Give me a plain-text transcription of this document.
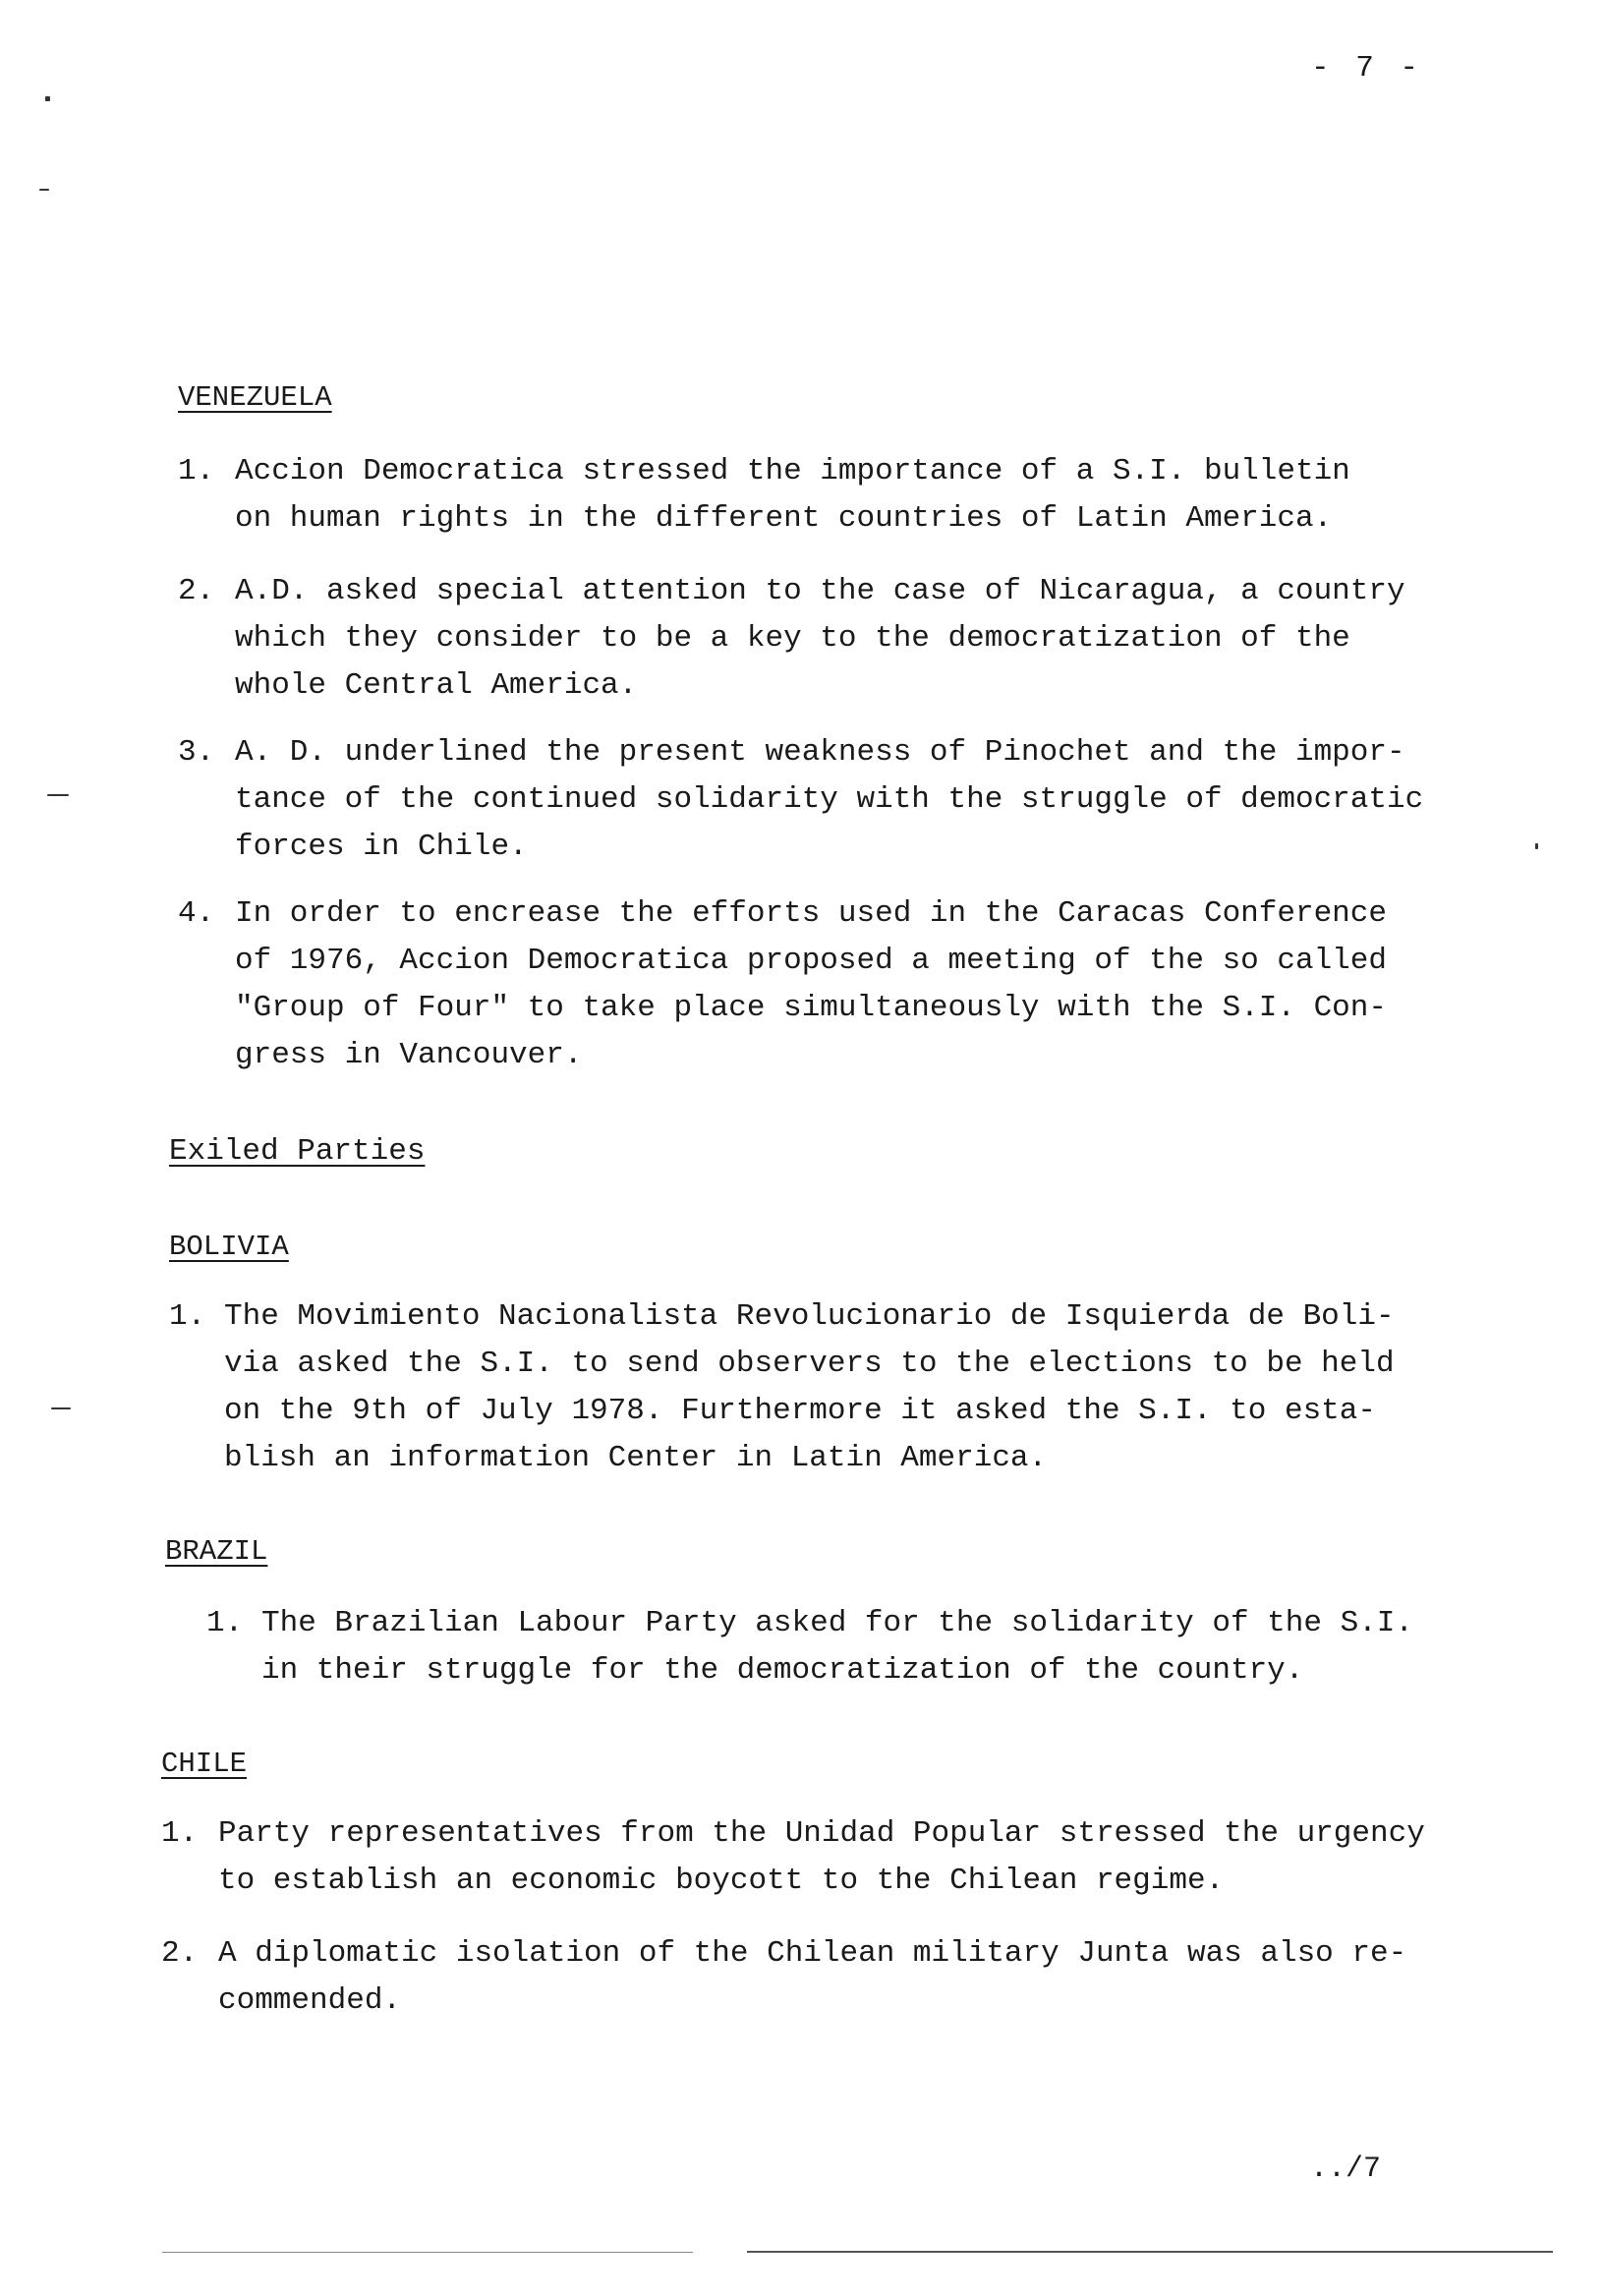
- 7 -
VENEZUELA
1. Accion Democratica stressed the importance of a S.I. bulletin
on human rights in the different countries of Latin America.
2. A.D. asked special attention to the case of Nicaragua, a country
which they consider to be a key to the democratization of the
whole Central America.
3. A. D. underlined the present weakness of Pinochet and the impor-
tance of the continued solidarity with the struggle of democratic
forces in Chile.
4. In order to encrease the efforts used in the Caracas Conference
of 1976, Accion Democratica proposed a meeting of the so called
"Group of Four" to take place simultaneously with the S.I. Con-
gress in Vancouver.
Exiled Parties
BOLIVIA
1. The Movimiento Nacionalista Revolucionario de Isquierda de Boli-
via asked the S.I. to send observers to the elections to be held
on the 9th of July 1978. Furthermore it asked the S.I. to esta-
blish an information Center in Latin America.
BRAZIL
1. The Brazilian Labour Party asked for the solidarity of the S.I.
in their struggle for the democratization of the country.
CHILE
1. Party representatives from the Unidad Popular stressed the urgency
to establish an economic boycott to the Chilean regime.
2. A diplomatic isolation of the Chilean military Junta was also re-
commended.
../7
